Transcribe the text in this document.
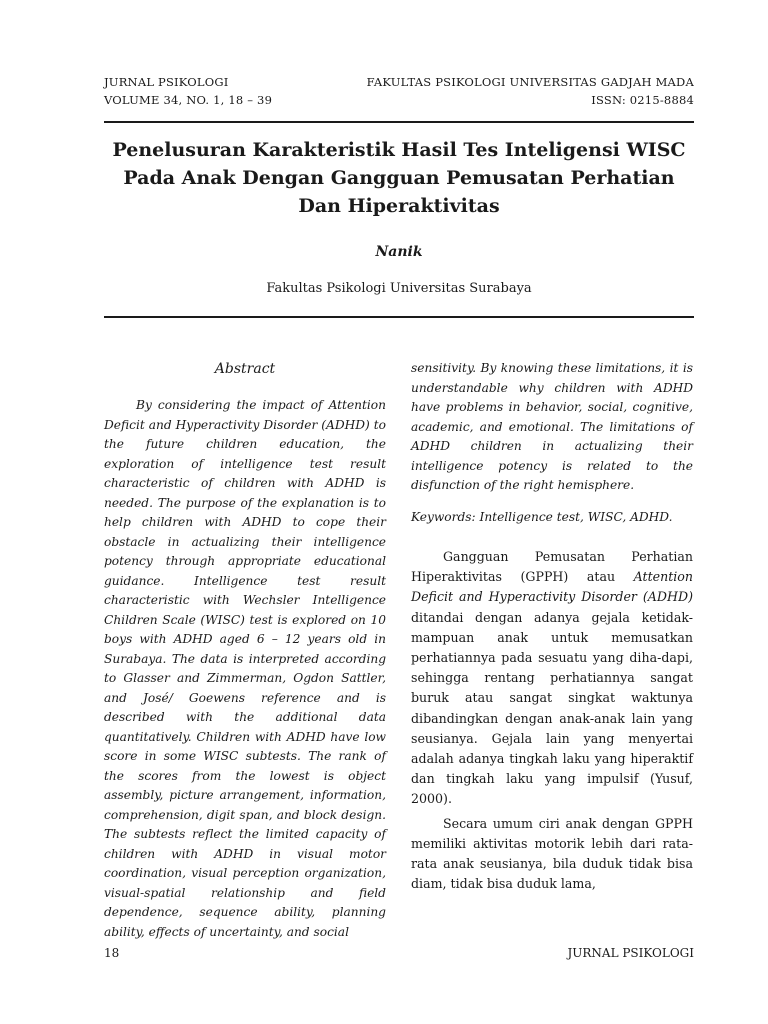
JURNAL PSIKOLOGI
VOLUME 34, NO. 1, 18 – 39
FAKULTAS PSIKOLOGI UNIVERSITAS GADJAH MADA
ISSN: 0215-8884
Penelusuran Karakteristik Hasil Tes Inteligensi WISC
Pada Anak Dengan Gangguan Pemusatan Perhatian
Dan Hiperaktivitas
Nanik
Fakultas Psikologi Universitas Surabaya
Abstract

By considering the impact of Attention Deficit and Hyperactivity Disorder (ADHD) to the future children education, the exploration of intelligence test result characteristic of children with ADHD is needed. The purpose of the explanation is to help children with ADHD to cope their obstacle in actualizing their intelligence potency through appropriate educational guidance. Intelligence test result characteristic with Wechsler Intelligence Children Scale (WISC) test is explored on 10 boys with ADHD aged 6 – 12 years old in Surabaya. The data is interpreted according to Glasser and Zimmerman, Ogdon Sattler, and José/ Goewens reference and is described with the additional data quantitatively. Children with ADHD have low score in some WISC subtests. The rank of the scores from the lowest is object assembly, picture arrangement, information, comprehension, digit span, and block design. The subtests reflect the limited capacity of children with ADHD in visual motor coordination, visual perception organization, visual-spatial relationship and field dependence, sequence ability, planning ability, effects of uncertainty, and social

sensitivity. By knowing these limitations, it is understandable why children with ADHD have problems in behavior, social, cognitive, academic, and emotional. The limitations of ADHD children in actualizing their intelligence potency is related to the disfunction of the right hemisphere.

Keywords: Intelligence test, WISC, ADHD.

Gangguan Pemusatan Perhatian Hiperaktivitas (GPPH) atau Attention Deficit and Hyperactivity Disorder (ADHD) ditandai dengan adanya gejala ketidak-mampuan anak untuk memusatkan perhatiannya pada sesuatu yang diha-dapi, sehingga rentang perhatiannya sangat buruk atau sangat singkat waktunya dibandingkan dengan anak-anak lain yang seusianya. Gejala lain yang menyertai adalah adanya tingkah laku yang hiperaktif dan tingkah laku yang impulsif (Yusuf, 2000).

Secara umum ciri anak dengan GPPH memiliki aktivitas motorik lebih dari rata-rata anak seusianya, bila duduk tidak bisa diam, tidak bisa duduk lama,

18	JURNAL PSIKOLOGI
